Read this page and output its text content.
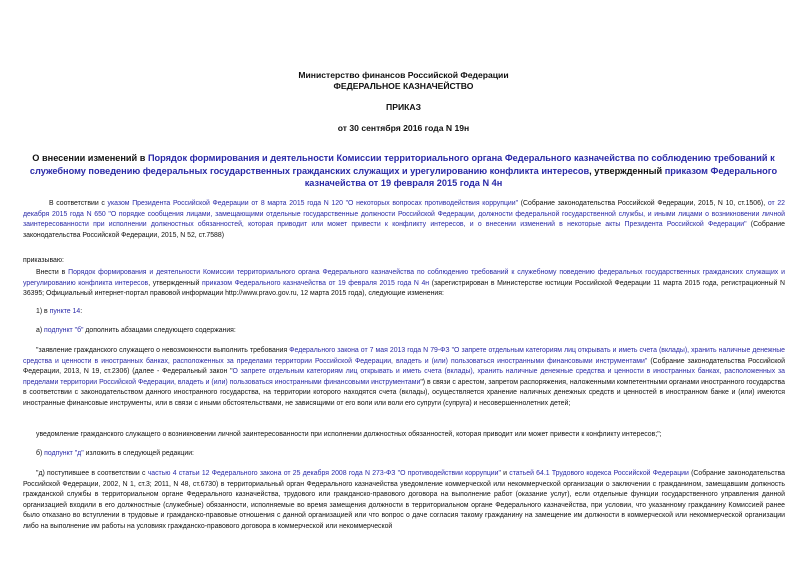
Министерство финансов Российской Федерации
ФЕДЕРАЛЬНОЕ КАЗНАЧЕЙСТВО
ПРИКАЗ
от 30 сентября 2016 года N 19н
О внесении изменений в Порядок формирования и деятельности Комиссии территориального органа Федерального казначейства по соблюдению требований к служебному поведению федеральных государственных гражданских служащих и урегулированию конфликта интересов, утвержденный приказом Федерального казначейства от 19 февраля 2015 года N 4н
В соответствии с указом Президента Российской Федерации от 8 марта 2015 года N 120 "О некоторых вопросах противодействия коррупции" (Собрание законодательства Российской Федерации, 2015, N 10, ст.1506), от 22 декабря 2015 года N 650 "О порядке сообщения лицами, замещающими отдельные государственные должности Российской Федерации, должности федеральной государственной службы, и иными лицами о возникновении личной заинтересованности при исполнении должностных обязанностей, которая приводит или может привести к конфликту интересов, и о внесении изменений в некоторые акты Президента Российской Федерации" (Собрание законодательства Российской Федерации, 2015, N 52, ст.7588)
приказываю:
Внести в Порядок формирования и деятельности Комиссии территориального органа Федерального казначейства по соблюдению требований к служебному поведению федеральных государственных гражданских служащих и урегулированию конфликта интересов, утвержденный приказом Федерального казначейства от 19 февраля 2015 года N 4н (зарегистрирован в Министерстве юстиции Российской Федерации 11 марта 2015 года, регистрационный N 36395; Официальный интернет-портал правовой информации http://www.pravo.gov.ru, 12 марта 2015 года), следующие изменения:
1) в пункте 14:
а) подпункт "б" дополнить абзацами следующего содержания:
"заявление гражданского служащего о невозможности выполнить требования Федерального закона от 7 мая 2013 года N 79-ФЗ "О запрете отдельным категориям лиц открывать и иметь счета (вклады), хранить наличные денежные средства и ценности в иностранных банках, расположенных за пределами территории Российской Федерации, владеть и (или) пользоваться иностранными финансовыми инструментами" (Собрание законодательства Российской Федерации, 2013, N 19, ст.2306) (далее - Федеральный закон "О запрете отдельным категориям лиц открывать и иметь счета (вклады), хранить наличные денежные средства и ценности в иностранных банках, расположенных за пределами территории Российской Федерации, владеть и (или) пользоваться иностранными финансовыми инструментами") в связи с арестом, запретом распоряжения, наложенными компетентными органами иностранного государства в соответствии с законодательством данного иностранного государства, на территории которого находятся счета (вклады), осуществляется хранение наличных денежных средств и ценностей в иностранном банке и (или) имеются иностранные финансовые инструменты, или в связи с иными обстоятельствами, не зависящими от его воли или воли его супруги (супруга) и несовершеннолетних детей;
уведомление гражданского служащего о возникновении личной заинтересованности при исполнении должностных обязанностей, которая приводит или может привести к конфликту интересов;";
б) подпункт "д" изложить в следующей редакции:
"д) поступившее в соответствии с частью 4 статьи 12 Федерального закона от 25 декабря 2008 года N 273-ФЗ "О противодействии коррупции" и статьей 64.1 Трудового кодекса Российской Федерации (Собрание законодательства Российской Федерации, 2002, N 1, ст.3; 2011, N 48, ст.6730) в территориальный орган Федерального казначейства уведомление коммерческой или некоммерческой организации о заключении с гражданином, замещавшим должность гражданской службы в территориальном органе Федерального казначейства, трудового или гражданско-правового договора на выполнение работ (оказание услуг), если отдельные функции государственного управления данной организацией входили в его должностные (служебные) обязанности, исполняемые во время замещения должности в территориальном органе Федерального казначейства, при условии, что указанному гражданину Комиссией ранее было отказано во вступлении в трудовые и гражданско-правовые отношения с данной организацией или что вопрос о даче согласия такому гражданину на замещение им должности в коммерческой или некоммерческой организации либо на выполнение им работы на условиях гражданско-правового договора в коммерческой или некоммерческой
